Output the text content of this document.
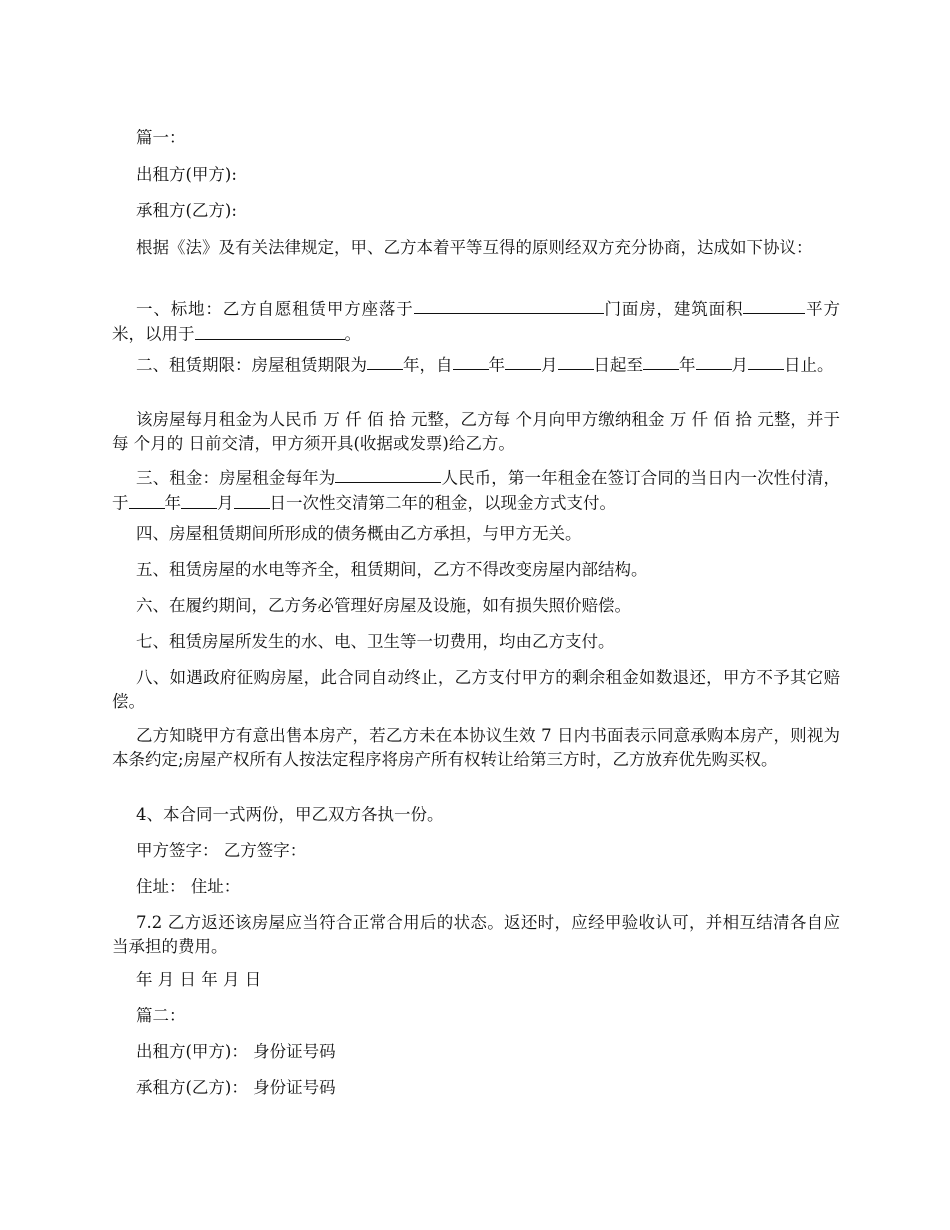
篇一：

出租方(甲方):

承租方(乙方):

根据《法》及有关法律规定，甲、乙方本着平等互得的原则经双方充分协商，达成如下协议：

一、标地：乙方自愿租赁甲方座落于	门面房，建筑面积	平方米，以用于	。

二、租赁期限：房屋租赁期限为 年，自 年 月 日起至 年 月 日止。

该房屋每月租金为人民币 万 仟 佰 拾 元整，乙方每 个月向甲方缴纳租金 万 仟 佰 拾 元整，并于每 个月的 日前交清，甲方须开具(收据或发票)给乙方。

三、租金：房屋租金每年为	人民币，第一年租金在签订合同的当日内一次性付清，于 年 月 日一次性交清第二年的租金，以现金方式支付。

四、房屋租赁期间所形成的债务概由乙方承担，与甲方无关。

五、租赁房屋的水电等齐全，租赁期间，乙方不得改变房屋内部结构。

六、在履约期间，乙方务必管理好房屋及设施，如有损失照价赔偿。

七、租赁房屋所发生的水、电、卫生等一切费用，均由乙方支付。

八、如遇政府征购房屋，此合同自动终止，乙方支付甲方的剩余租金如数退还，甲方不予其它赔偿。

乙方知晓甲方有意出售本房产，若乙方未在本协议生效 7 日内书面表示同意承购本房产，则视为本条约定;房屋产权所有人按法定程序将房产所有权转让给第三方时，乙方放弃优先购买权。

4、本合同一式两份，甲乙双方各执一份。

甲方签字： 乙方签字：

住址： 住址：

7.2 乙方返还该房屋应当符合正常合用后的状态。返还时，应经甲验收认可，并相互结清各自应当承担的费用。

年 月 日 年 月 日

篇二：

出租方(甲方)： 身份证号码

承租方(乙方)： 身份证号码
